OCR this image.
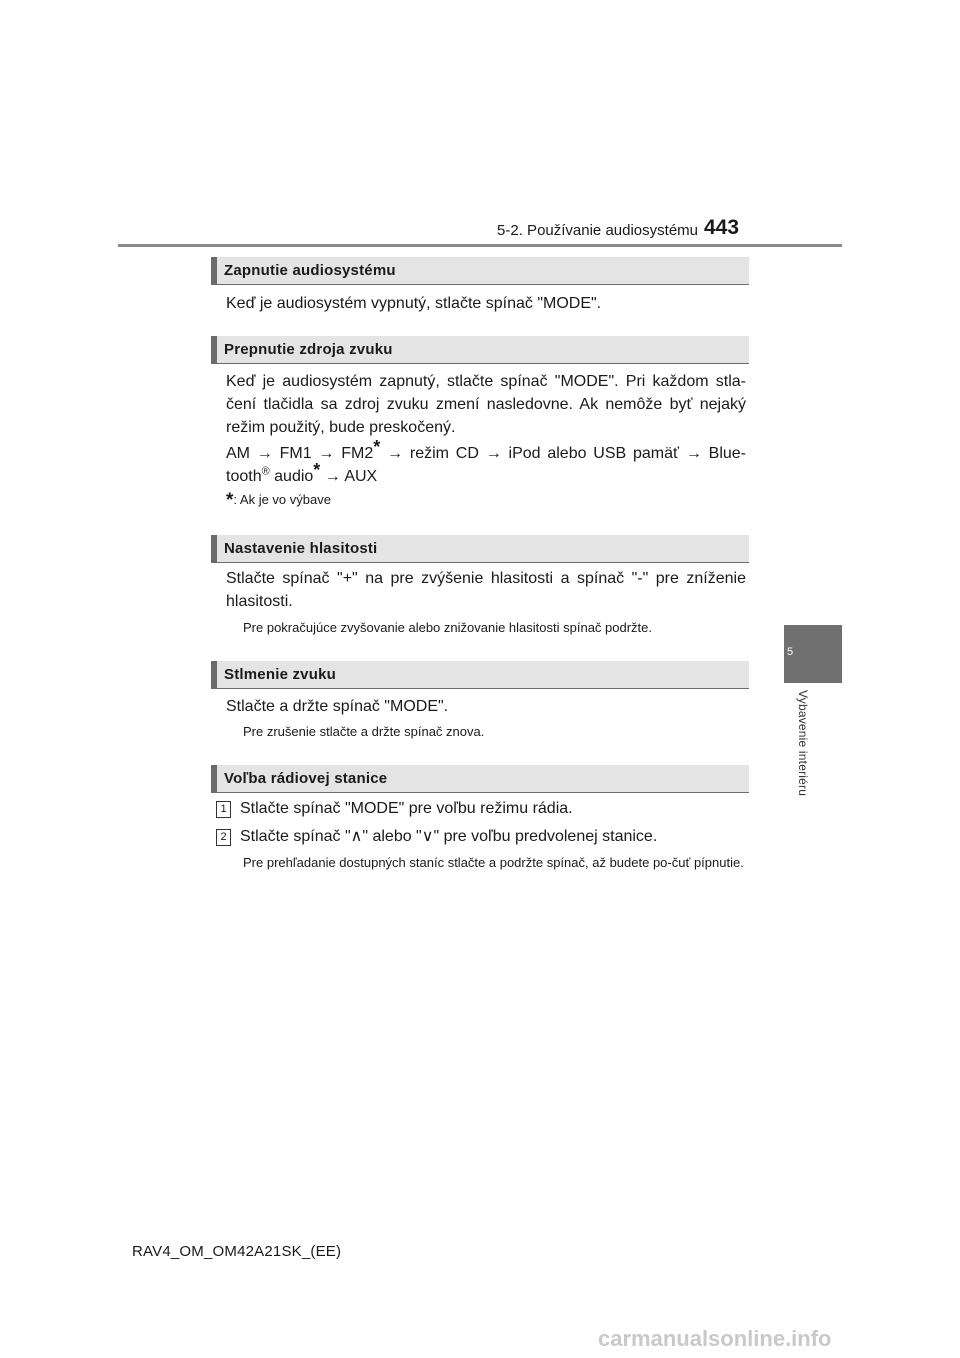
5-2. Používanie audiosystému 443
5
Vybavenie interiéru
Zapnutie audiosystému
Keď je audiosystém vypnutý, stlačte spínač "MODE".
Prepnutie zdroja zvuku
Keď je audiosystém zapnutý, stlačte spínač "MODE". Pri každom stla-čení tlačidla sa zdroj zvuku zmení nasledovne. Ak nemôže byť nejaký režim použitý, bude preskočený.
AM → FM1 → FM2* → režim CD → iPod alebo USB pamäť → Blue-tooth® audio* → AUX
*: Ak je vo výbave
Nastavenie hlasitosti
Stlačte spínač "+" na pre zvýšenie hlasitosti a spínač "-" pre zníženie hlasitosti.
Pre pokračujúce zvyšovanie alebo znižovanie hlasitosti spínač podržte.
Stlmenie zvuku
Stlačte a držte spínač "MODE".
Pre zrušenie stlačte a držte spínač znova.
Voľba rádiovej stanice
1 Stlačte spínač "MODE" pre voľbu režimu rádia.
2 Stlačte spínač "∧" alebo "∨" pre voľbu predvolenej stanice.
Pre prehľadanie dostupných staníc stlačte a podržte spínač, až budete po-čuť pípnutie.
RAV4_OM_OM42A21SK_(EE)
carmanualsonline.info
